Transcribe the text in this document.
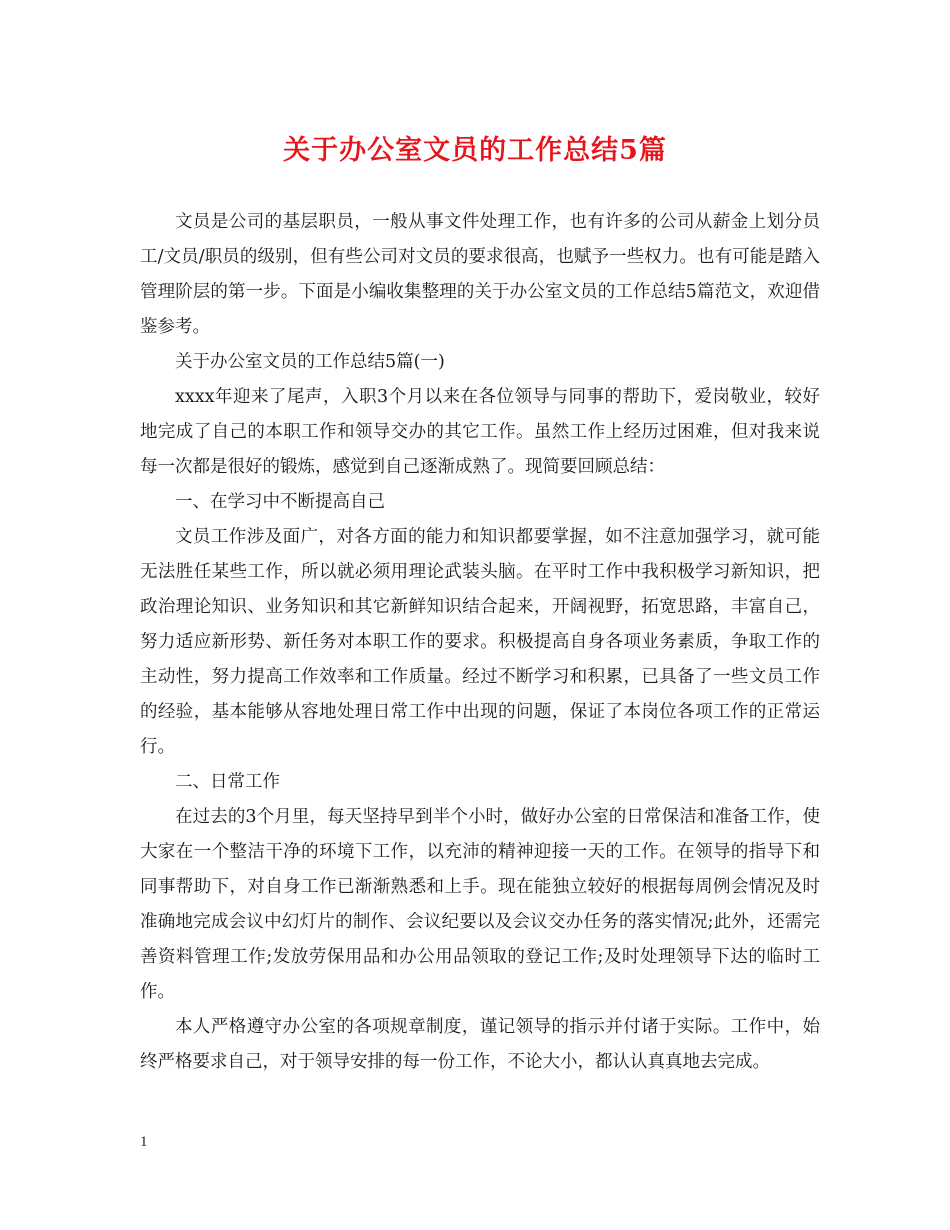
关于办公室文员的工作总结5篇

文员是公司的基层职员，一般从事文件处理工作，也有许多的公司从薪金上划分员工/文员/职员的级别，但有些公司对文员的要求很高，也赋予一些权力。也有可能是踏入管理阶层的第一步。下面是小编收集整理的关于办公室文员的工作总结5篇范文，欢迎借鉴参考。

关于办公室文员的工作总结5篇(一)

xxxx年迎来了尾声，入职3个月以来在各位领导与同事的帮助下，爱岗敬业，较好地完成了自己的本职工作和领导交办的其它工作。虽然工作上经历过困难，但对我来说每一次都是很好的锻炼，感觉到自己逐渐成熟了。现简要回顾总结：

一、在学习中不断提高自己

文员工作涉及面广，对各方面的能力和知识都要掌握，如不注意加强学习，就可能无法胜任某些工作，所以就必须用理论武装头脑。在平时工作中我积极学习新知识，把政治理论知识、业务知识和其它新鲜知识结合起来，开阔视野，拓宽思路，丰富自己，努力适应新形势、新任务对本职工作的要求。积极提高自身各项业务素质，争取工作的主动性，努力提高工作效率和工作质量。经过不断学习和积累，已具备了一些文员工作的经验，基本能够从容地处理日常工作中出现的问题，保证了本岗位各项工作的正常运行。

二、日常工作

在过去的3个月里，每天坚持早到半个小时，做好办公室的日常保洁和准备工作，使大家在一个整洁干净的环境下工作，以充沛的精神迎接一天的工作。在领导的指导下和同事帮助下，对自身工作已渐渐熟悉和上手。现在能独立较好的根据每周例会情况及时准确地完成会议中幻灯片的制作、会议纪要以及会议交办任务的落实情况;此外，还需完善资料管理工作;发放劳保用品和办公用品领取的登记工作;及时处理领导下达的临时工作。

本人严格遵守办公室的各项规章制度，谨记领导的指示并付诸于实际。工作中，始终严格要求自己，对于领导安排的每一份工作，不论大小，都认认真真地去完成。

1
